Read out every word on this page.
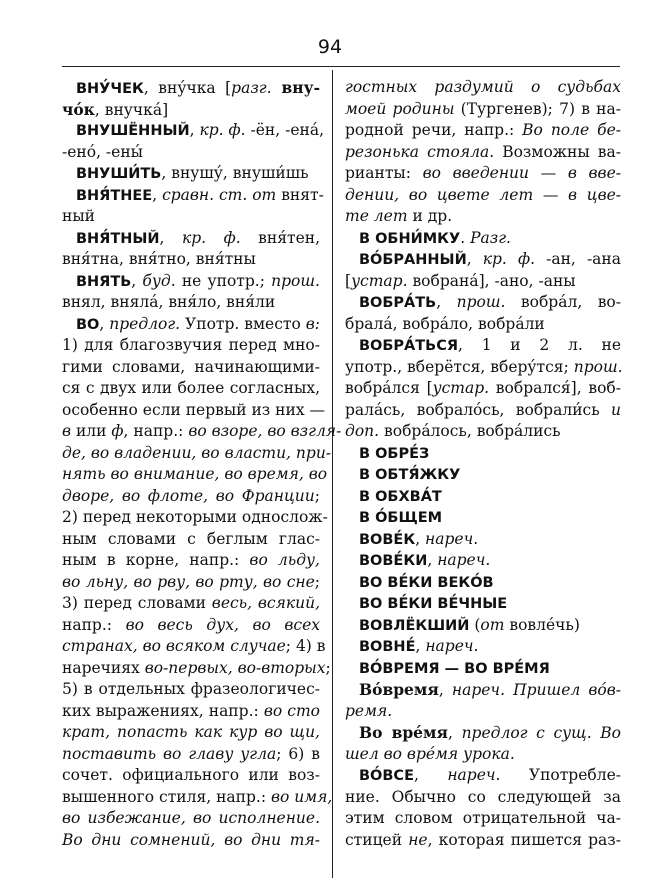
94
ВНУ́ЧЕК, вну́чка [разг. вну-
чо́к, внучка́]
ВНУШЁННЫЙ, кр. ф. -ён, -ена́,
-ено́, -ены́
ВНУШИ́ТЬ, внушу́, внуши́шь
ВНЯ́ТНЕЕ, сравн. ст. от внят-
ный
ВНЯ́ТНЫЙ, кр. ф. вня́тен,
вня́тна, вня́тно, вня́тны
ВНЯТЬ, буд. не употр.; прош.
внял, вняла́, вня́ло, вня́ли
ВО, предлог. Употр. вместо в:
1) для благозвучия перед мно-
гими словами, начинающими-
ся с двух или более согласных,
особенно если первый из них —
в или ф, напр.: во взоре, во взгля-
де, во владении, во власти, при-
нять во внимание, во время, во
дворе, во флоте, во Франции;
2) перед некоторыми однослож-
ным словами с беглым глас-
ным в корне, напр.: во льду,
во льну, во рву, во рту, во сне;
3) перед словами весь, всякий,
напр.: во весь дух, во всех
странах, во всяком случае; 4) в
наречиях во-первых, во-вторых;
5) в отдельных фразеологичес-
ких выражениях, напр.: во сто
крат, попасть как кур во щи,
поставить во главу угла; 6) в
сочет. официального или воз-
вышенного стиля, напр.: во имя,
во избежание, во исполнение.
Во дни сомнений, во дни тя-
гостных раздумий о судьбах
моей родины (Тургенев); 7) в на-
родной речи, напр.: Во поле бе-
резонька стояла. Возможны ва-
рианты: во введении — в вве-
дении, во цвете лет — в цве-
те лет и др.
В ОБНИ́МКУ. Разг.
ВО́БРАННЫЙ, кр. ф. -ан, -ана
[устар. вобрана́], -ано, -аны
ВОБРА́ТЬ, прош. вобра́л, во-
брала́, вобра́ло, вобра́ли
ВОБРА́ТЬСЯ, 1 и 2 л. не
употр., вберётся, вберу́тся; прош.
вобра́лся [устар. вобрался́], воб-
рала́сь, вобрало́сь, вобрали́сь и
доп. вобра́лось, вобра́лись
В ОБРЕ́З
В ОБТЯ́ЖКУ
В ОБХВА́Т
В О́БЩЕМ
ВОВЕ́К, нареч.
ВОВЕ́КИ, нареч.
ВО ВЕ́КИ ВЕКО́В
ВО ВЕ́КИ ВЕ́ЧНЫЕ
ВОВЛЁКШИЙ (от вовле́чь)
ВОВНЕ́, нареч.
ВО́ВРЕМЯ — ВО ВРЕ́МЯ
Во́время, нареч. Пришел во́в-
ремя.
Во вре́мя, предлог с сущ. Во
шел во вре́мя урока.
ВО́ВСЕ, нареч. Употребле-
ние. Обычно со следующей за
этим словом отрицательной ча-
стицей не, которая пишется раз-
